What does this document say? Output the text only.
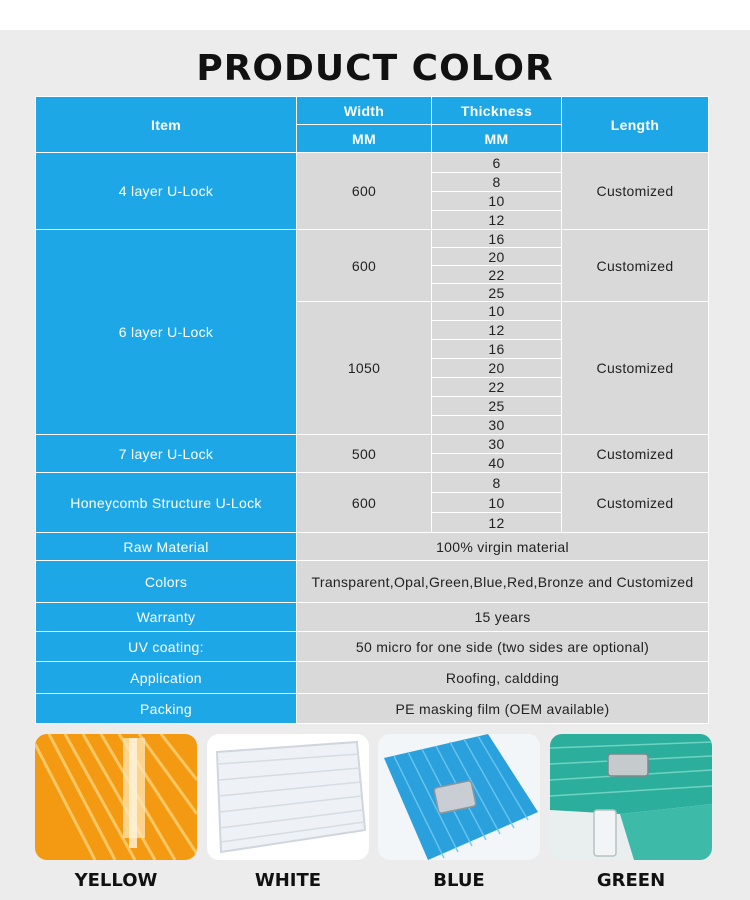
PRODUCT COLOR
Item	Width	Thickness	Length
	MM	MM	
4 layer U-Lock	600	6	Customized
		8	
		10	
		12	
6 layer U-Lock	600	16	Customized
		20	
		22	
		25	
	1050	10	Customized
		12	
		16	
		20	
		22	
		25	
		30	
7 layer U-Lock	500	30	Customized
		40	
Honeycomb Structure U-Lock	600	8	Customized
		10	
		12	
Raw Material	100% virgin material		
Colors	Transparent,Opal,Green,Blue,Red,Bronze and Customized		
Warranty	15 years		
UV coating:	50 micro for one side (two sides are optional)		
Application	Roofing, caldding		
Packing	PE masking film (OEM available)		
YELLOW	WHITE	BLUE	GREEN
